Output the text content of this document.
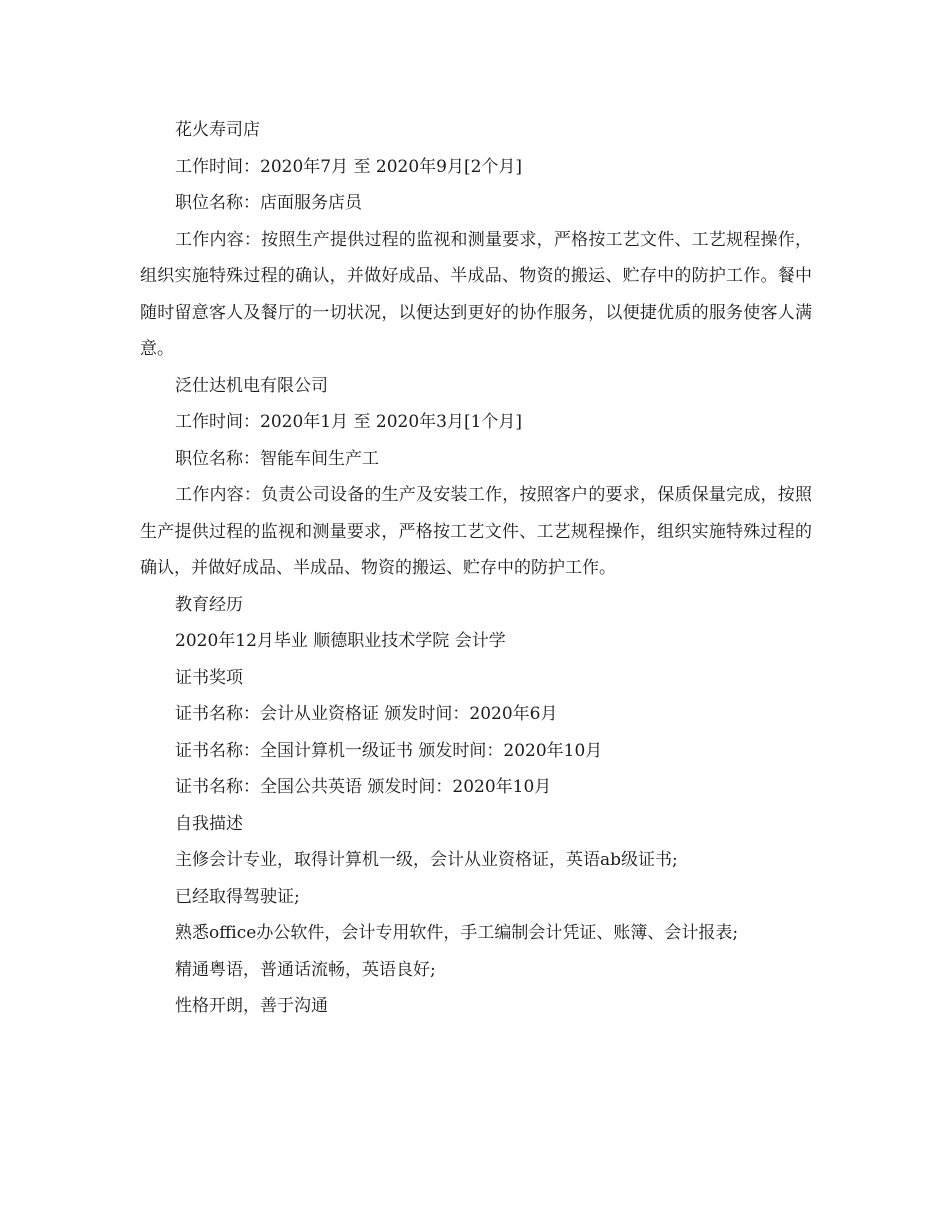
花火寿司店

工作时间：2020年7月 至 2020年9月[2个月]

职位名称：店面服务店员

工作内容：按照生产提供过程的监视和测量要求，严格按工艺文件、工艺规程操作，组织实施特殊过程的确认，并做好成品、半成品、物资的搬运、贮存中的防护工作。餐中随时留意客人及餐厅的一切状况，以便达到更好的协作服务，以便捷优质的服务使客人满意。

泛仕达机电有限公司

工作时间：2020年1月 至 2020年3月[1个月]

职位名称：智能车间生产工

工作内容：负责公司设备的生产及安装工作，按照客户的要求，保质保量完成，按照生产提供过程的监视和测量要求，严格按工艺文件、工艺规程操作，组织实施特殊过程的确认，并做好成品、半成品、物资的搬运、贮存中的防护工作。

教育经历

2020年12月毕业 顺德职业技术学院 会计学

证书奖项

证书名称：会计从业资格证 颁发时间：2020年6月

证书名称：全国计算机一级证书 颁发时间：2020年10月

证书名称：全国公共英语 颁发时间：2020年10月

自我描述

主修会计专业，取得计算机一级，会计从业资格证，英语ab级证书;

已经取得驾驶证;

熟悉office办公软件，会计专用软件，手工编制会计凭证、账簿、会计报表;

精通粤语，普通话流畅，英语良好;

性格开朗，善于沟通
